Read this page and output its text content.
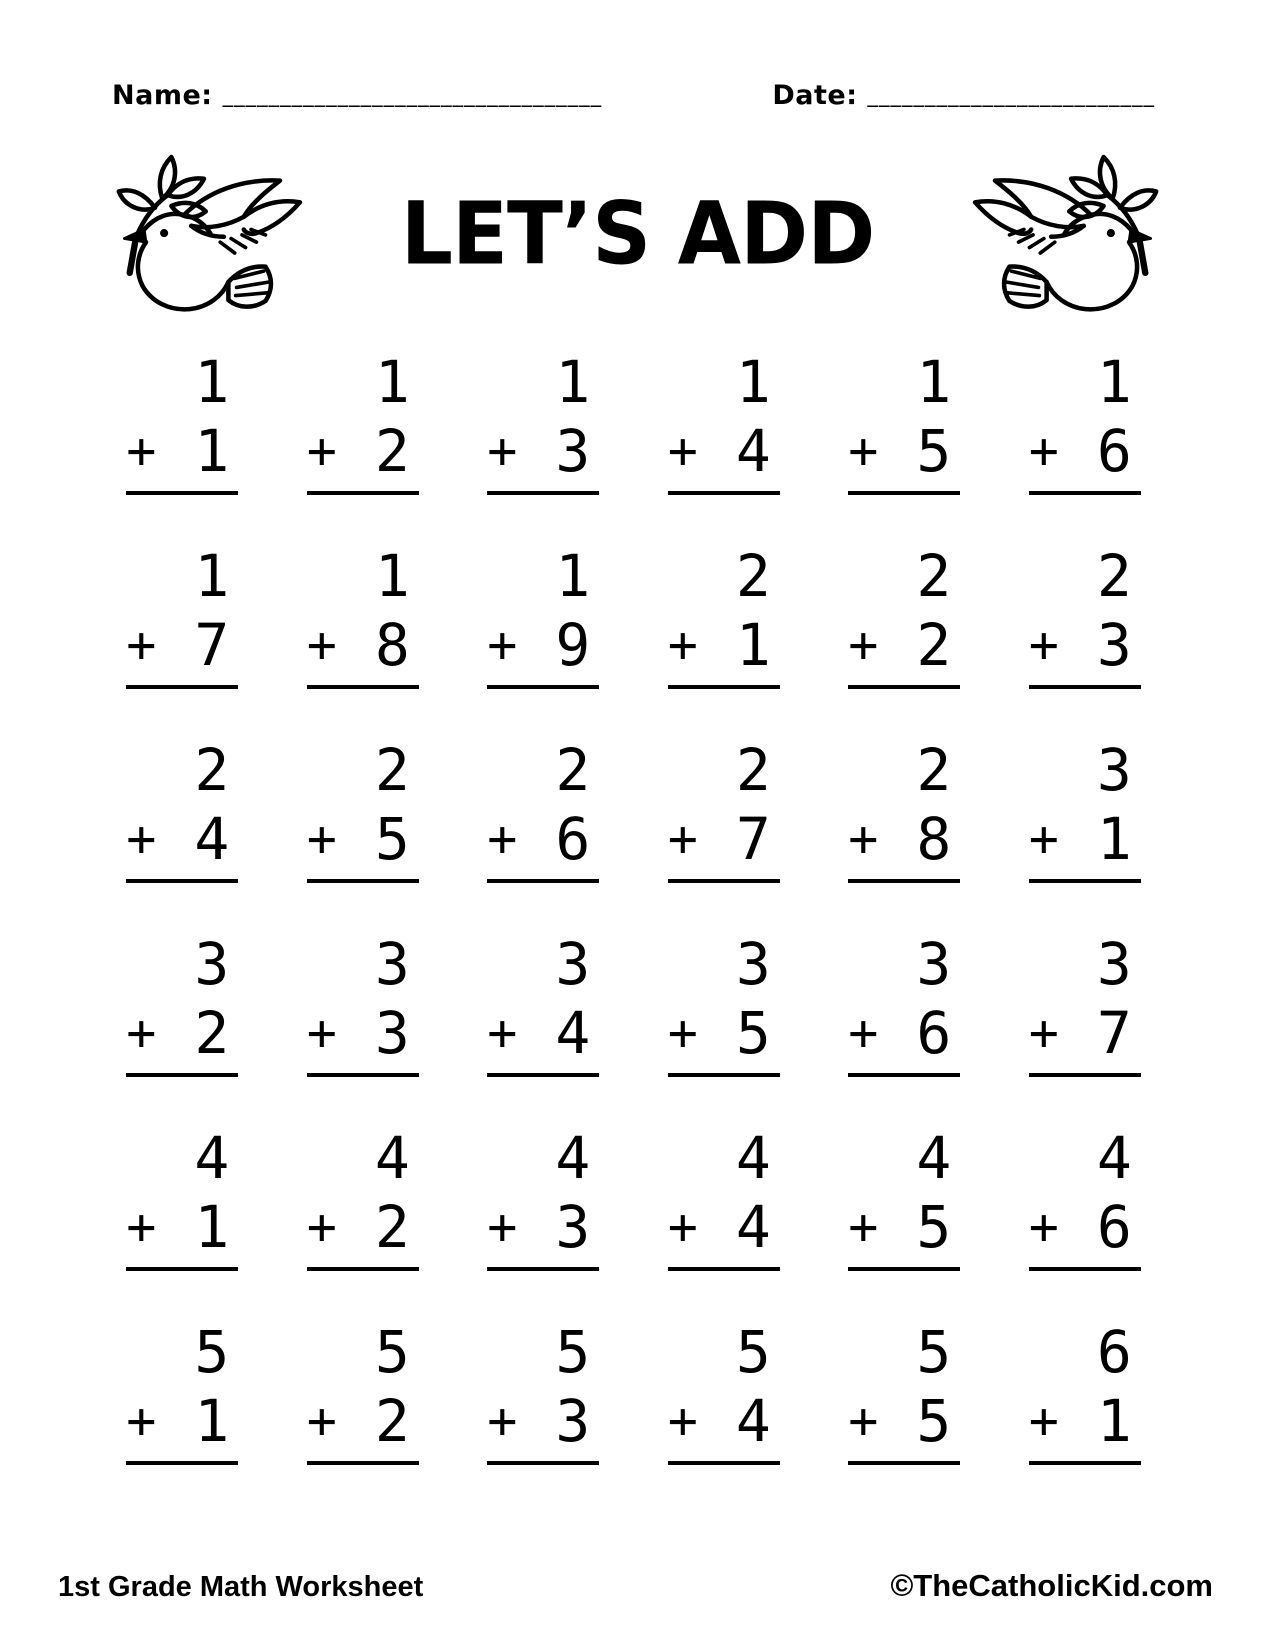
Name: _________________________________	Date: _________________________
LET’S ADD
1
+ 1
1
+ 2
1
+ 3
1
+ 4
1
+ 5
1
+ 6
1
+ 7
1
+ 8
1
+ 9
2
+ 1
2
+ 2
2
+ 3
2
+ 4
2
+ 5
2
+ 6
2
+ 7
2
+ 8
3
+ 1
3
+ 2
3
+ 3
3
+ 4
3
+ 5
3
+ 6
3
+ 7
4
+ 1
4
+ 2
4
+ 3
4
+ 4
4
+ 5
4
+ 6
5
+ 1
5
+ 2
5
+ 3
5
+ 4
5
+ 5
6
+ 1
1st Grade Math Worksheet	©TheCatholicKid.com
